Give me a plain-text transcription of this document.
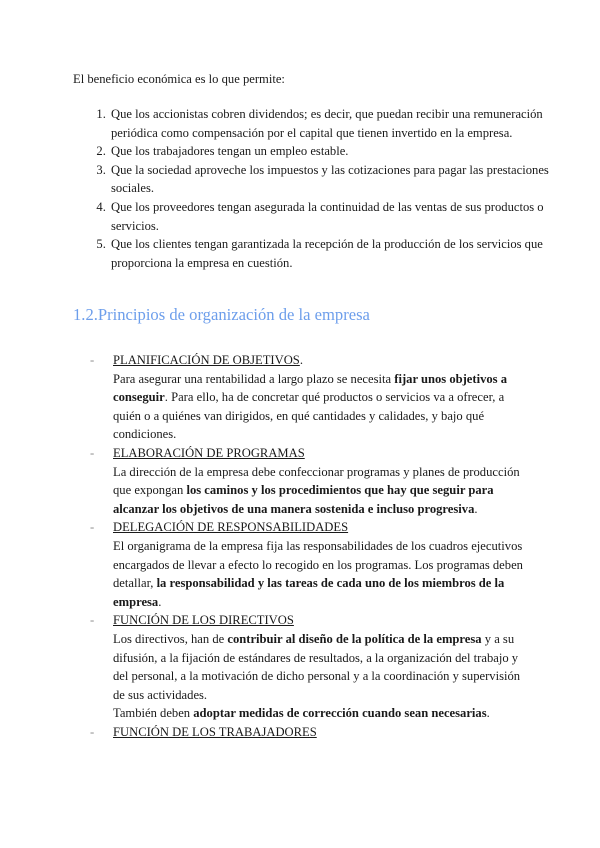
El beneficio económica es lo que permite:
1. Que los accionistas cobren dividendos; es decir, que puedan recibir una remuneración periódica como compensación por el capital que tienen invertido en la empresa.
2. Que los trabajadores tengan un empleo estable.
3. Que la sociedad aproveche los impuestos y las cotizaciones para pagar las prestaciones sociales.
4. Que los proveedores tengan asegurada la continuidad de las ventas de sus productos o servicios.
5. Que los clientes tengan garantizada la recepción de la producción de los servicios que proporciona la empresa en cuestión.
1.2.Principios de organización de la empresa
- PLANIFICACIÓN DE OBJETIVOS.
Para asegurar una rentabilidad a largo plazo se necesita fijar unos objetivos a conseguir. Para ello, ha de concretar qué productos o servicios va a ofrecer, a quién o a quiénes van dirigidos, en qué cantidades y calidades, y bajo qué condiciones.
- ELABORACIÓN DE PROGRAMAS
La dirección de la empresa debe confeccionar programas y planes de producción que expongan los caminos y los procedimientos que hay que seguir para alcanzar los objetivos de una manera sostenida e incluso progresiva.
- DELEGACIÓN DE RESPONSABILIDADES
El organigrama de la empresa fija las responsabilidades de los cuadros ejecutivos encargados de llevar a efecto lo recogido en los programas. Los programas deben detallar, la responsabilidad y las tareas de cada uno de los miembros de la empresa.
- FUNCIÓN DE LOS DIRECTIVOS
Los directivos, han de contribuir al diseño de la política de la empresa y a su difusión, a la fijación de estándares de resultados, a la organización del trabajo y del personal, a la motivación de dicho personal y a la coordinación y supervisión de sus actividades.
También deben adoptar medidas de corrección cuando sean necesarias.
- FUNCIÓN DE LOS TRABAJADORES
